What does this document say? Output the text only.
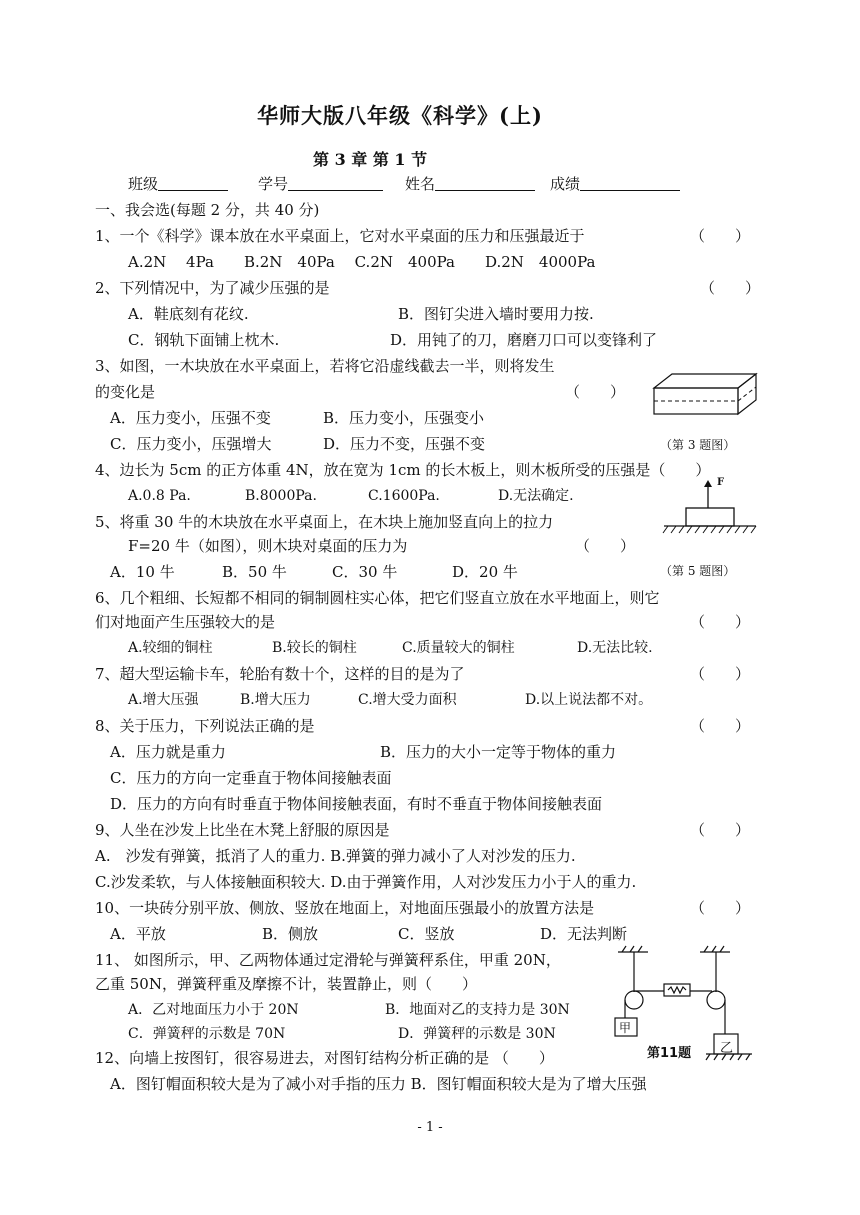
华师大版八年级《科学》(上)
第 3 章 第 1 节
班级	学号	姓名	成绩
一、我会选(每题 2 分，共 40 分)
1、一个《科学》课本放在水平桌面上，它对水平桌面的压力和压强最近于	（　　）
A.2N　 4Pa　　B.2N　40Pa　 C.2N　400Pa　　D.2N　4000Pa
2、下列情况中，为了减少压强的是	（　　）
A．鞋底刻有花纹.	B．图钉尖进入墙时要用力按.
C．钢轨下面铺上枕木.	D．用钝了的刀，磨磨刀口可以变锋利了
3、如图，一木块放在水平桌面上，若将它沿虚线截去一半，则将发生
的变化是	（　　）
A．压力变小，压强不变	B．压力变小，压强变小
C．压力变小，压强增大	D．压力不变，压强不变	（第 3 题图）
4、边长为 5cm 的正方体重 4N，放在宽为 1cm 的长木板上，则木板所受的压强是（　　）
A.0.8 Pa.	B.8000Pa.	C.1600Pa.	D.无法确定.
5、将重 30 牛的木块放在水平桌面上，在木块上施加竖直向上的拉力
F=20 牛（如图），则木块对桌面的压力为	（　　）
A．10 牛	B．50 牛	C．30 牛	D．20 牛
F
（第 5 题图）
6、几个粗细、长短都不相同的铜制圆柱实心体，把它们竖直立放在水平地面上，则它
们对地面产生压强较大的是	（　　）
A.较细的铜柱	B.较长的铜柱	C.质量较大的铜柱	D.无法比较.
7、超大型运输卡车，轮胎有数十个，这样的目的是为了	（　　）
A.增大压强	B.增大压力	C.增大受力面积	D.以上说法都不对。
8、关于压力，下列说法正确的是	（　　）
A．压力就是重力	B．压力的大小一定等于物体的重力
C．压力的方向一定垂直于物体间接触表面
D．压力的方向有时垂直于物体间接触表面，有时不垂直于物体间接触表面
9、人坐在沙发上比坐在木凳上舒服的原因是	（　　）
A.　沙发有弹簧，抵消了人的重力. B.弹簧的弹力减小了人对沙发的压力.
C.沙发柔软，与人体接触面积较大. D.由于弹簧作用，人对沙发压力小于人的重力.
10、一块砖分别平放、侧放、竖放在地面上，对地面压强最小的放置方法是	（　　）
A．平放	B．侧放	C．竖放	D．无法判断
11、 如图所示，甲、乙两物体通过定滑轮与弹簧秤系住，甲重 20N，
乙重 50N，弹簧秤重及摩擦不计，装置静止，则（　　）
A．乙对地面压力小于 20N	B．地面对乙的支持力是 30N
C．弹簧秤的示数是 70N	D．弹簧秤的示数是 30N	甲
乙
第11题
12、向墙上按图钉，很容易进去，对图钉结构分析正确的是 （　　）
A．图钉帽面积较大是为了减小对手指的压力 B．图钉帽面积较大是为了增大压强
- 1 -
